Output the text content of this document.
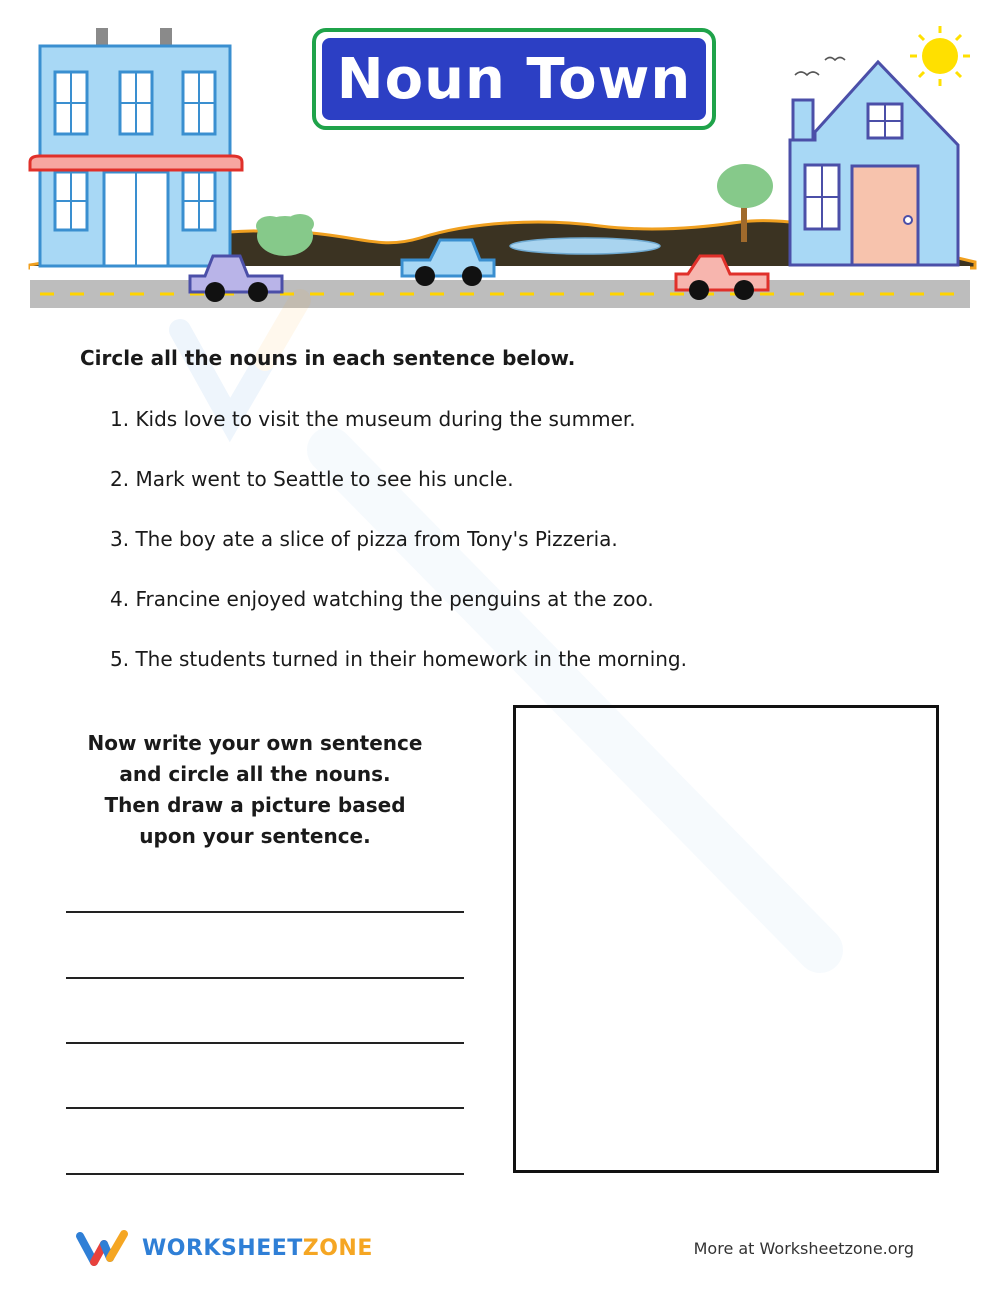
Noun Town
Circle all the nouns in each sentence below.
1. Kids love to visit the museum during the summer.
2. Mark went to Seattle to see his uncle.
3. The boy ate a slice of pizza from Tony's Pizzeria.
4. Francine enjoyed watching the penguins at the zoo.
5. The students turned in their homework in the morning.
Now write your own sentence
and circle all the nouns.
Then draw a picture based
upon your sentence.
WORKSHEETZONE	More at Worksheetzone.org
